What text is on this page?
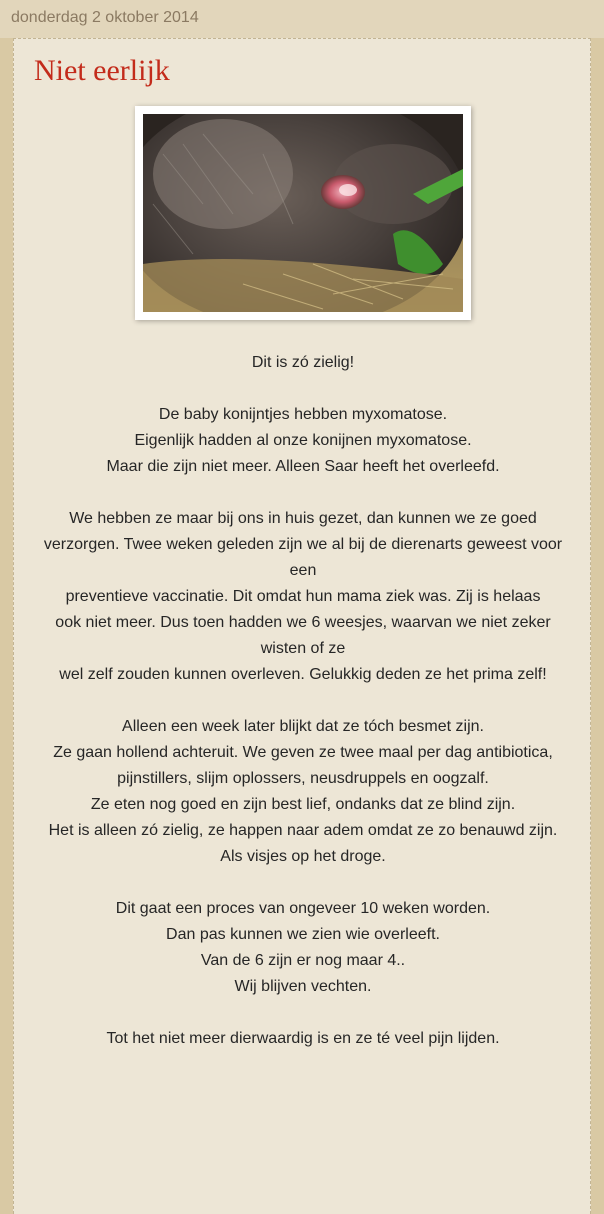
donderdag 2 oktober 2014
Niet eerlijk

Dit is zó zielig!

De baby konijntjes hebben myxomatose.
Eigenlijk hadden al onze konijnen myxomatose.
Maar die zijn niet meer. Alleen Saar heeft het overleefd.

We hebben ze maar bij ons in huis gezet, dan kunnen we ze goed verzorgen. Twee weken geleden zijn we al bij de dierenarts geweest voor een
preventieve vaccinatie. Dit omdat hun mama ziek was. Zij is helaas
ook niet meer. Dus toen hadden we 6 weesjes, waarvan we niet zeker wisten of ze
wel zelf zouden kunnen overleven. Gelukkig deden ze het prima zelf!

Alleen een week later blijkt dat ze tóch besmet zijn.
Ze gaan hollend achteruit. We geven ze twee maal per dag antibiotica,
pijnstillers, slijm oplossers, neusdruppels en oogzalf.
Ze eten nog goed en zijn best lief, ondanks dat ze blind zijn.
Het is alleen zó zielig, ze happen naar adem omdat ze zo benauwd zijn.
Als visjes op het droge.

Dit gaat een proces van ongeveer 10 weken worden.
Dan pas kunnen we zien wie overleeft.
Van de 6 zijn er nog maar 4..
Wij blijven vechten.

Tot het niet meer dierwaardig is en ze té veel pijn lijden.
